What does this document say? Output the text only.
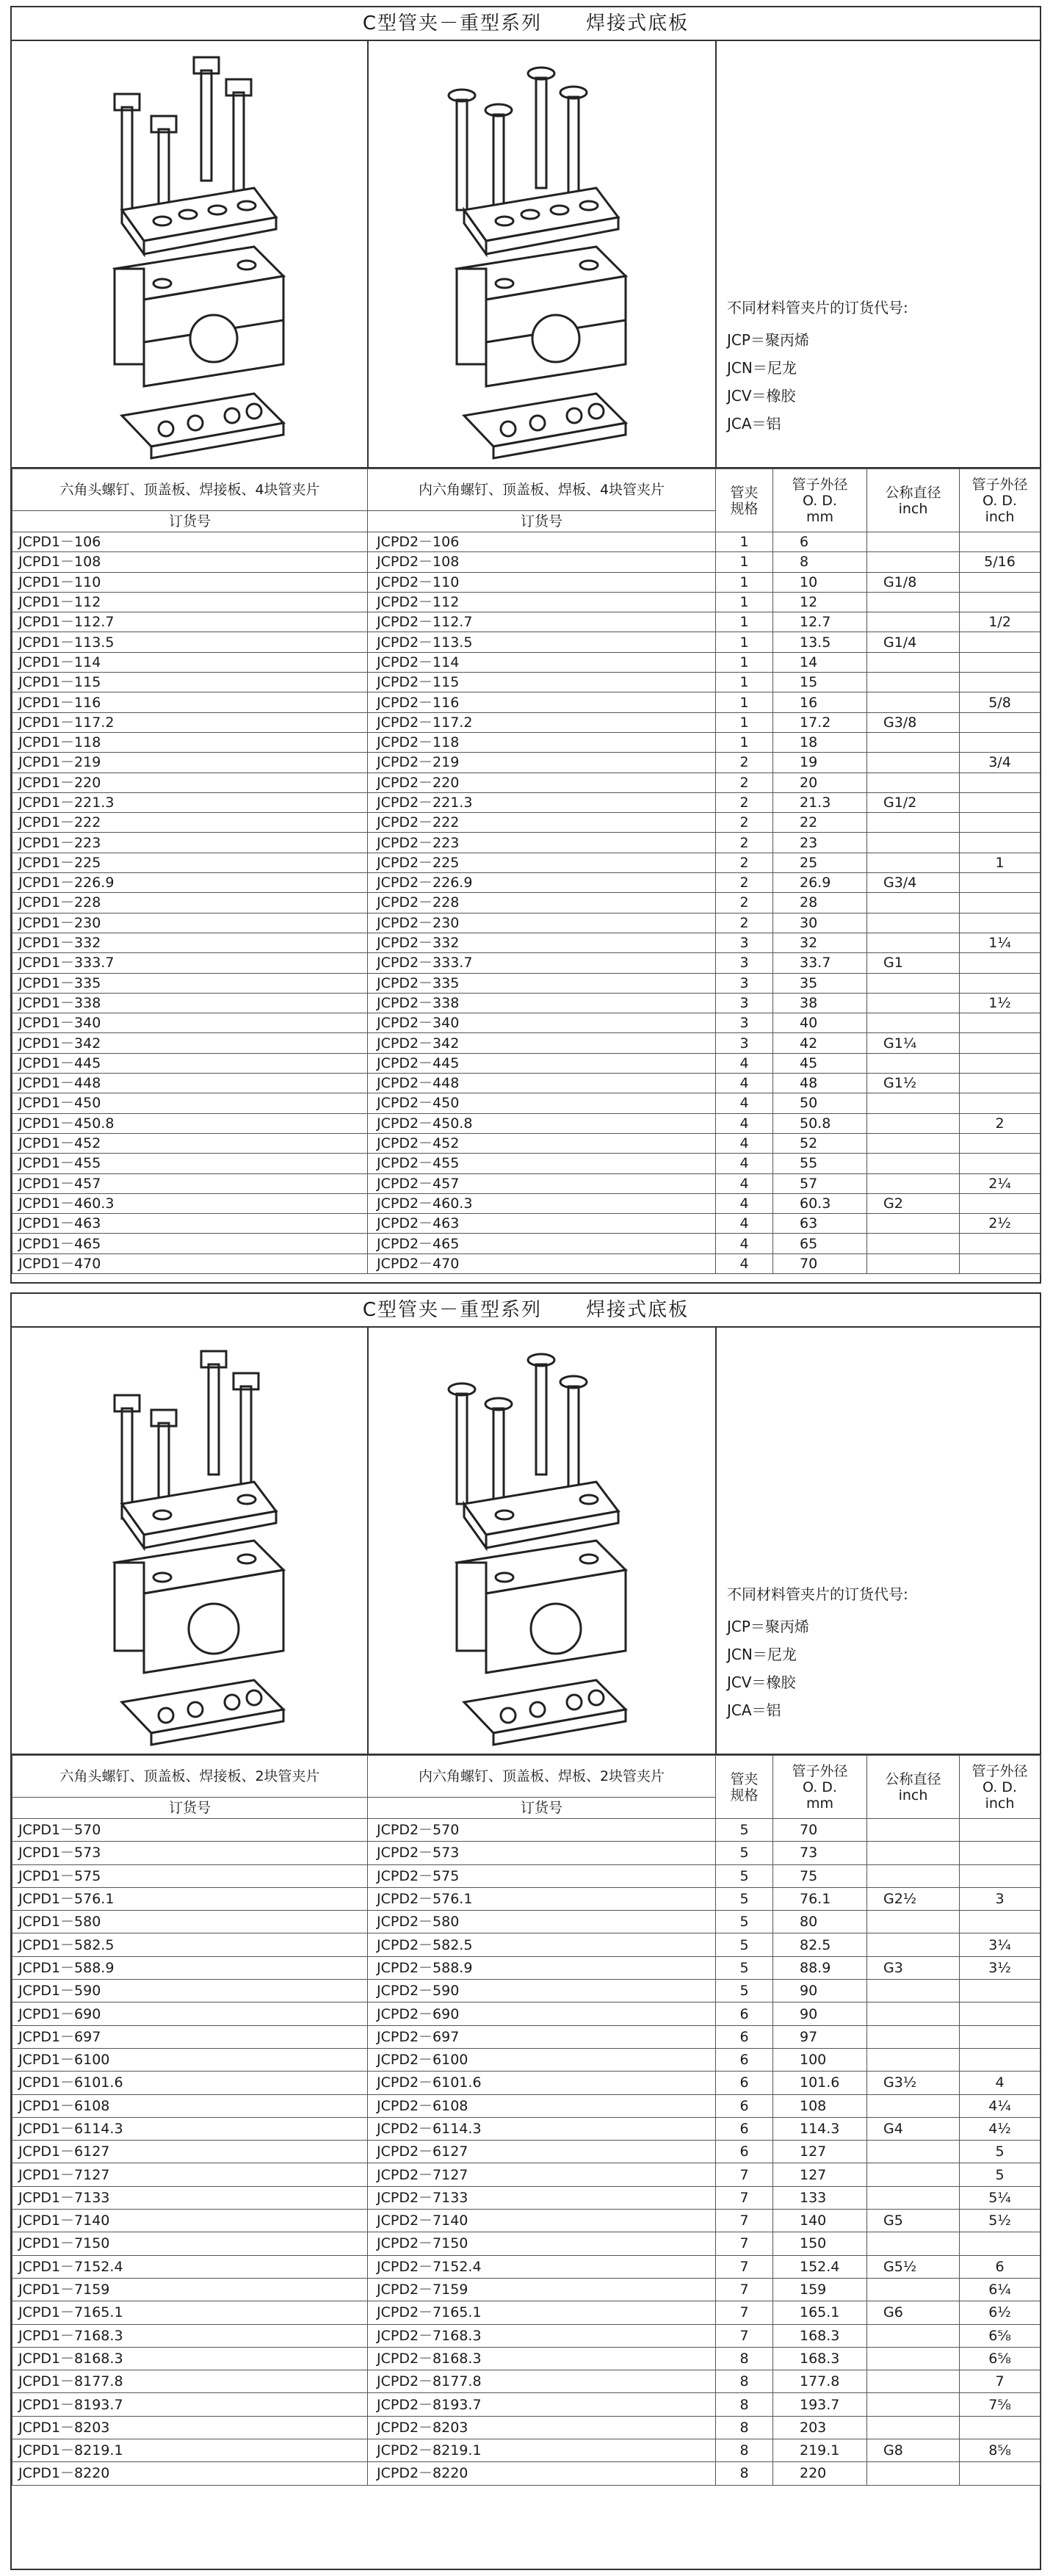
C型管夹－重型系列 焊接式底板
不同材料管夹片的订货代号:
JCP＝聚丙烯
JCN＝尼龙
JCV＝橡胶
JCA＝铝
六角头螺钉、顶盖板、焊接板、4块管夹片	内六角螺钉、顶盖板、焊板、4块管夹片	管夹
规格	管子外径
O. D.
mm	公称直径
inch	管子外径
O. D.
inch
订货号	订货号				
JCPD1－106	JCPD2－106	1	6		
JCPD1－108	JCPD2－108	1	8		5/16
JCPD1－110	JCPD2－110	1	10	G1/8	
JCPD1－112	JCPD2－112	1	12		
JCPD1－112.7	JCPD2－112.7	1	12.7		1/2
JCPD1－113.5	JCPD2－113.5	1	13.5	G1/4	
JCPD1－114	JCPD2－114	1	14		
JCPD1－115	JCPD2－115	1	15		
JCPD1－116	JCPD2－116	1	16		5/8
JCPD1－117.2	JCPD2－117.2	1	17.2	G3/8	
JCPD1－118	JCPD2－118	1	18		
JCPD1－219	JCPD2－219	2	19		3/4
JCPD1－220	JCPD2－220	2	20		
JCPD1－221.3	JCPD2－221.3	2	21.3	G1/2	
JCPD1－222	JCPD2－222	2	22		
JCPD1－223	JCPD2－223	2	23		
JCPD1－225	JCPD2－225	2	25		1
JCPD1－226.9	JCPD2－226.9	2	26.9	G3/4	
JCPD1－228	JCPD2－228	2	28		
JCPD1－230	JCPD2－230	2	30		
JCPD1－332	JCPD2－332	3	32		1¼
JCPD1－333.7	JCPD2－333.7	3	33.7	G1	
JCPD1－335	JCPD2－335	3	35		
JCPD1－338	JCPD2－338	3	38		1½
JCPD1－340	JCPD2－340	3	40		
JCPD1－342	JCPD2－342	3	42	G1¼	
JCPD1－445	JCPD2－445	4	45		
JCPD1－448	JCPD2－448	4	48	G1½	
JCPD1－450	JCPD2－450	4	50		
JCPD1－450.8	JCPD2－450.8	4	50.8		2
JCPD1－452	JCPD2－452	4	52		
JCPD1－455	JCPD2－455	4	55		
JCPD1－457	JCPD2－457	4	57		2¼
JCPD1－460.3	JCPD2－460.3	4	60.3	G2	
JCPD1－463	JCPD2－463	4	63		2½
JCPD1－465	JCPD2－465	4	65		
JCPD1－470	JCPD2－470	4	70		
C型管夹－重型系列 焊接式底板
不同材料管夹片的订货代号:
JCP＝聚丙烯
JCN＝尼龙
JCV＝橡胶
JCA＝铝
六角头螺钉、顶盖板、焊接板、2块管夹片	内六角螺钉、顶盖板、焊板、2块管夹片	管夹
规格	管子外径
O. D.
mm	公称直径
inch	管子外径
O. D.
inch
订货号	订货号				
JCPD1－570	JCPD2－570	5	70		
JCPD1－573	JCPD2－573	5	73		
JCPD1－575	JCPD2－575	5	75		
JCPD1－576.1	JCPD2－576.1	5	76.1	G2½	3
JCPD1－580	JCPD2－580	5	80		
JCPD1－582.5	JCPD2－582.5	5	82.5		3¼
JCPD1－588.9	JCPD2－588.9	5	88.9	G3	3½
JCPD1－590	JCPD2－590	5	90		
JCPD1－690	JCPD2－690	6	90		
JCPD1－697	JCPD2－697	6	97		
JCPD1－6100	JCPD2－6100	6	100		
JCPD1－6101.6	JCPD2－6101.6	6	101.6	G3½	4
JCPD1－6108	JCPD2－6108	6	108		4¼
JCPD1－6114.3	JCPD2－6114.3	6	114.3	G4	4½
JCPD1－6127	JCPD2－6127	6	127		5
JCPD1－7127	JCPD2－7127	7	127		5
JCPD1－7133	JCPD2－7133	7	133		5¼
JCPD1－7140	JCPD2－7140	7	140	G5	5½
JCPD1－7150	JCPD2－7150	7	150		
JCPD1－7152.4	JCPD2－7152.4	7	152.4	G5½	6
JCPD1－7159	JCPD2－7159	7	159		6¼
JCPD1－7165.1	JCPD2－7165.1	7	165.1	G6	6½
JCPD1－7168.3	JCPD2－7168.3	7	168.3		6⅝
JCPD1－8168.3	JCPD2－8168.3	8	168.3		6⅝
JCPD1－8177.8	JCPD2－8177.8	8	177.8		7
JCPD1－8193.7	JCPD2－8193.7	8	193.7		7⅝
JCPD1－8203	JCPD2－8203	8	203		
JCPD1－8219.1	JCPD2－8219.1	8	219.1	G8	8⅝
JCPD1－8220	JCPD2－8220	8	220		
